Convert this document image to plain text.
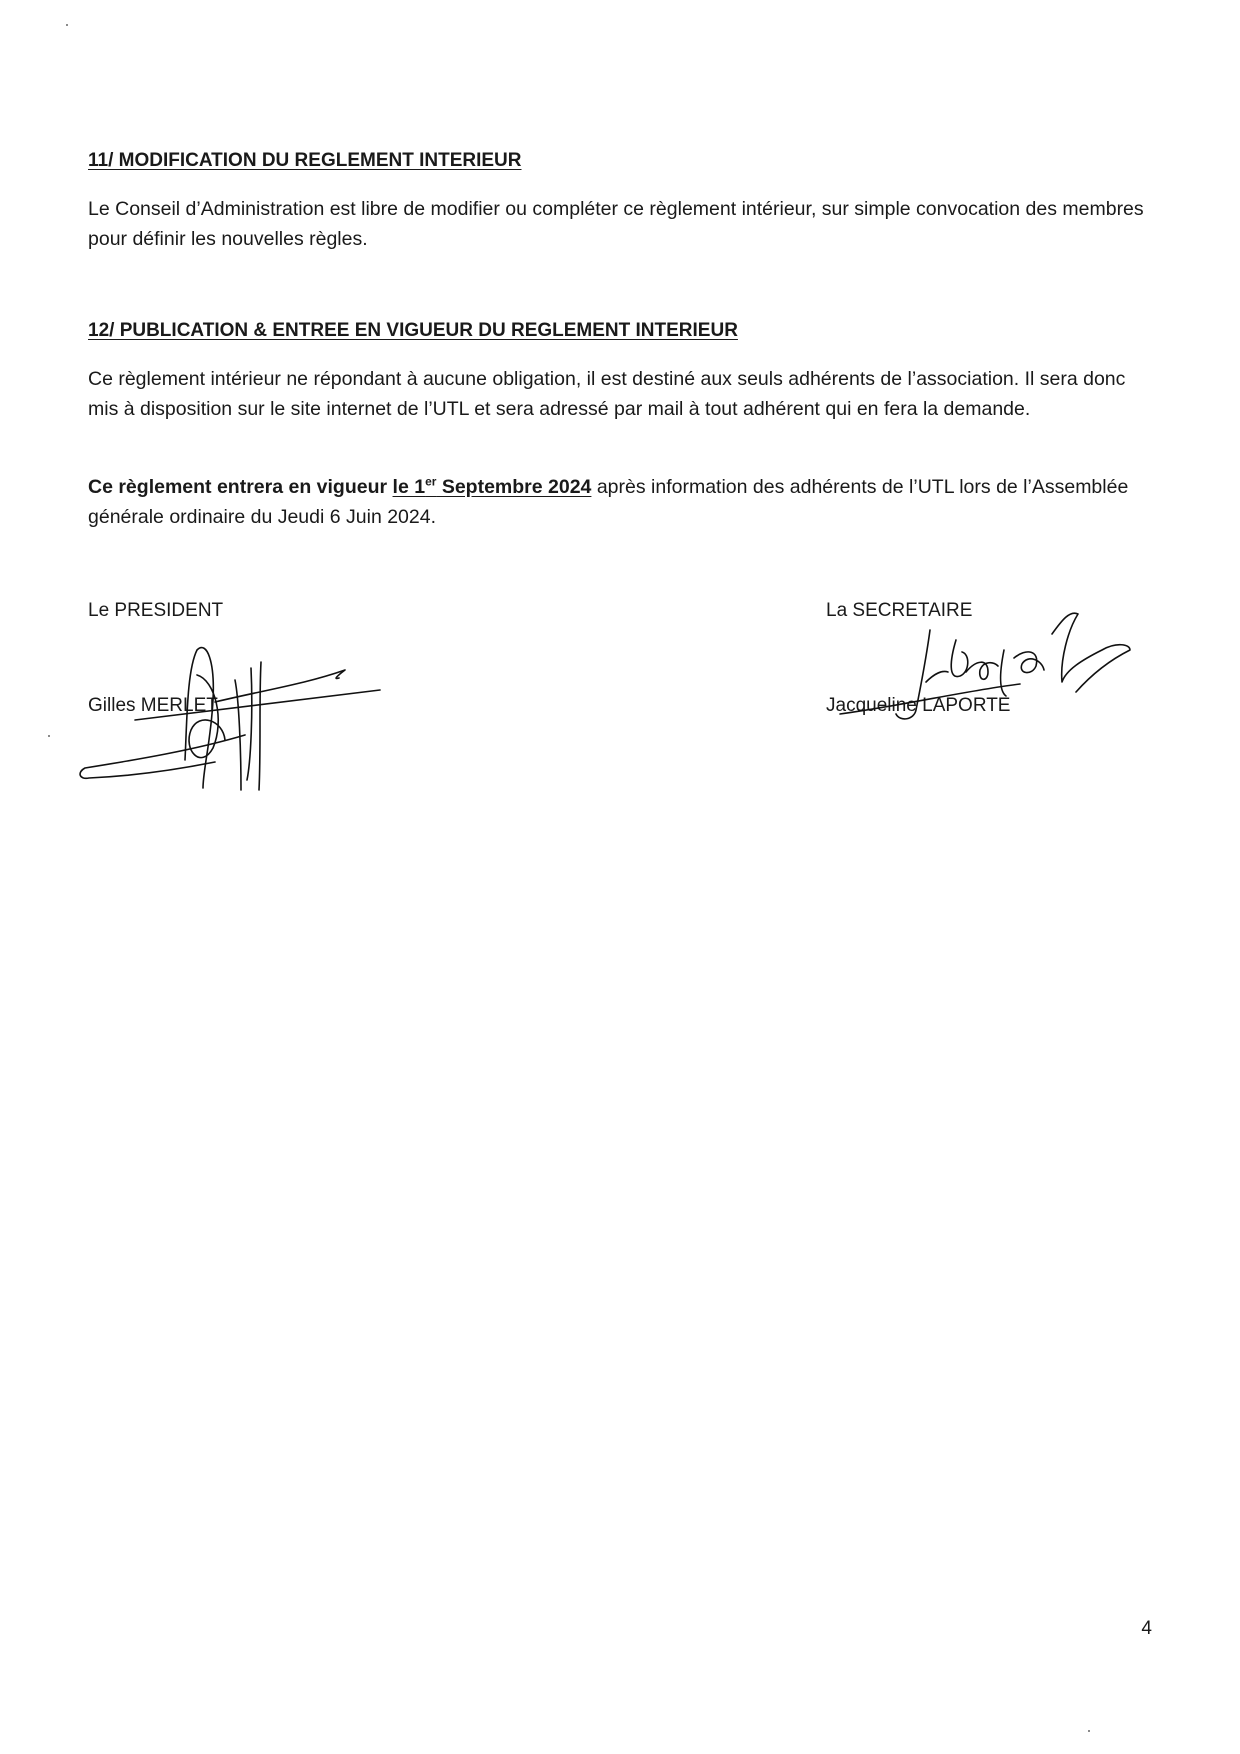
11/ MODIFICATION DU REGLEMENT INTERIEUR

Le Conseil d’Administration est libre de modifier ou compléter ce règlement intérieur, sur simple convocation des membres pour définir les nouvelles règles.

12/ PUBLICATION & ENTREE EN VIGUEUR DU REGLEMENT INTERIEUR

Ce règlement intérieur ne répondant à aucune obligation, il est destiné aux seuls adhérents de l’association. Il sera donc mis à disposition sur le site internet de l’UTL et sera adressé par mail à tout adhérent qui en fera la demande.

Ce règlement entrera en vigueur le 1er Septembre 2024 après information des adhérents de l’UTL lors de l’Assemblée générale ordinaire du Jeudi 6 Juin 2024.

Le PRESIDENT

Gilles MERLET

La SECRETAIRE

Jacqueline LAPORTE

4
